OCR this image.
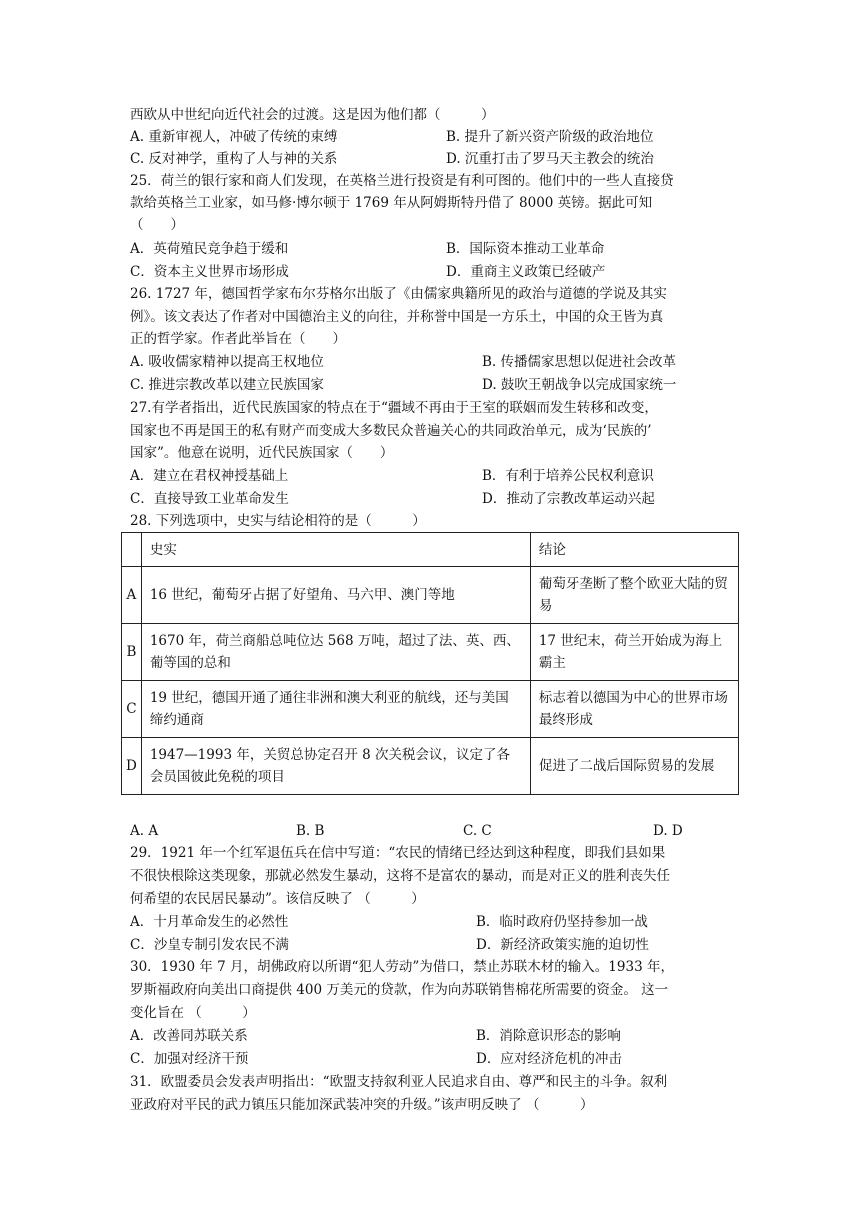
西欧从中世纪向近代社会的过渡。这是因为他们都（　　　）
A. 重新审视人，冲破了传统的束缚	B. 提升了新兴资产阶级的政治地位
C. 反对神学，重构了人与神的关系	D. 沉重打击了罗马天主教会的统治
25．荷兰的银行家和商人们发现，在英格兰进行投资是有利可图的。他们中的一些人直接贷
款给英格兰工业家，如马修·博尔顿于 1769 年从阿姆斯特丹借了 8000 英镑。据此可知
（　　）
A．英荷殖民竞争趋于缓和	B．国际资本推动工业革命
C．资本主义世界市场形成	D．重商主义政策已经破产
26. 1727 年，德国哲学家布尔芬格尔出版了《由儒家典籍所见的政治与道德的学说及其实
例》。该文表达了作者对中国德治主义的向往，并称誉中国是一方乐土，中国的众王皆为真
正的哲学家。作者此举旨在（　　）
A. 吸收儒家精神以提高王权地位	B. 传播儒家思想以促进社会改革
C. 推进宗教改革以建立民族国家	D. 鼓吹王朝战争以完成国家统一
27.有学者指出，近代民族国家的特点在于“疆域不再由于王室的联姻而发生转移和改变，
国家也不再是国王的私有财产而变成大多数民众普遍关心的共同政治单元，成为‘民族的’
国家”。他意在说明，近代民族国家（　　）
A．建立在君权神授基础上	B．有利于培养公民权利意识
C．直接导致工业革命发生	D．推动了宗教改革运动兴起
28. 下列选项中，史实与结论相符的是（　　　）
	史实	结论
A	16 世纪，葡萄牙占据了好望角、马六甲、澳门等地	葡萄牙垄断了整个欧亚大陆的贸易
B	1670 年，荷兰商船总吨位达 568 万吨，超过了法、英、西、葡等国的总和	17 世纪末，荷兰开始成为海上霸主
C	19 世纪，德国开通了通往非洲和澳大利亚的航线，还与美国缔约通商	标志着以德国为中心的世界市场最终形成
D	1947—1993 年，关贸总协定召开 8 次关税会议，议定了各会员国彼此免税的项目	促进了二战后国际贸易的发展
A. A	B. B	C. C	D. D
29．1921 年一个红军退伍兵在信中写道：“农民的情绪已经达到这种程度，即我们县如果
不很快根除这类现象，那就必然发生暴动，这将不是富农的暴动，而是对正义的胜利丧失任
何希望的农民居民暴动”。该信反映了 （　　　）
A．十月革命发生的必然性	B．临时政府仍坚持参加一战
C．沙皇专制引发农民不满	D．新经济政策实施的迫切性
30．1930 年 7 月，胡佛政府以所谓“犯人劳动”为借口，禁止苏联木材的输入。1933 年，
罗斯福政府向美出口商提供 400 万美元的贷款，作为向苏联销售棉花所需要的资金。 这一
变化旨在 （　　　）
A．改善同苏联关系	B．消除意识形态的影响
C．加强对经济干预	D．应对经济危机的冲击
31．欧盟委员会发表声明指出：“欧盟支持叙利亚人民追求自由、尊严和民主的斗争。叙利
亚政府对平民的武力镇压只能加深武装冲突的升级。”该声明反映了 （　　　）
